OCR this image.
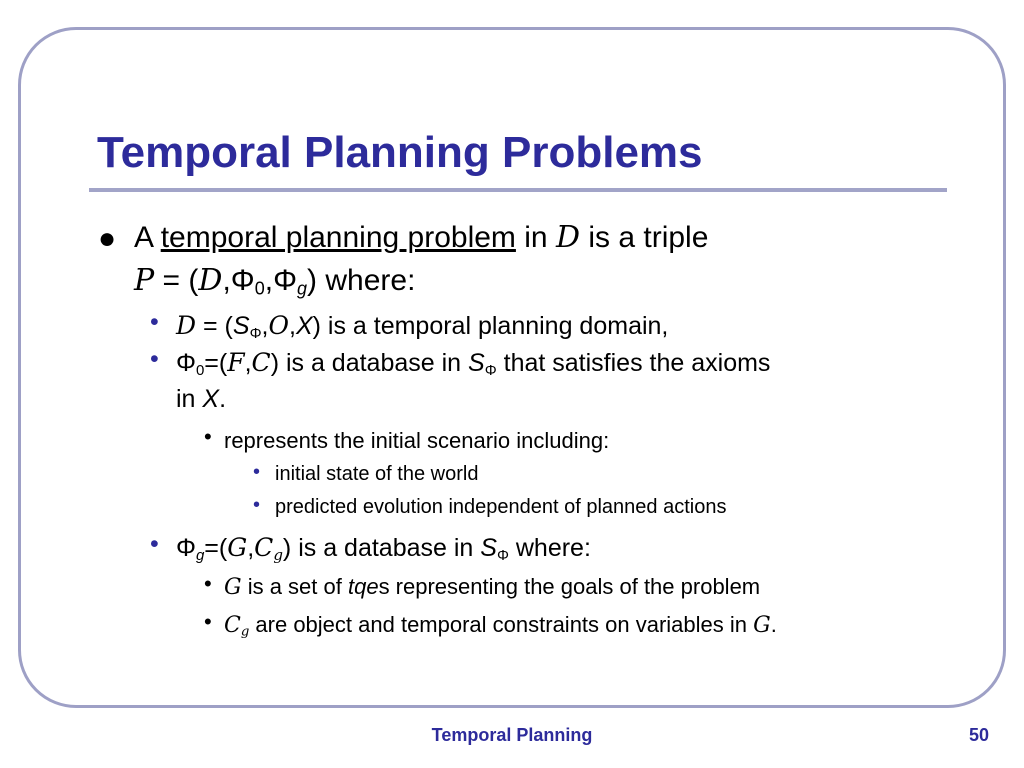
Temporal Planning Problems
● A temporal planning problem in D is a triple
$P = (D,\Phi_0,\Phi_g)$ where:
• $D = (S_\Phi,O,X)$ is a temporal planning domain,
• $\Phi_0=(F,C)$ is a database in $S_\Phi$ that satisfies the axioms
in X.
• represents the initial scenario including:
• initial state of the world
• predicted evolution independent of planned actions
• $\Phi_g=(G,C_g)$ is a database in $S_\Phi$ where:
• G is a set of tqes representing the goals of the problem
• $C_g$ are object and temporal constraints on variables in G.
Temporal Planning	50
